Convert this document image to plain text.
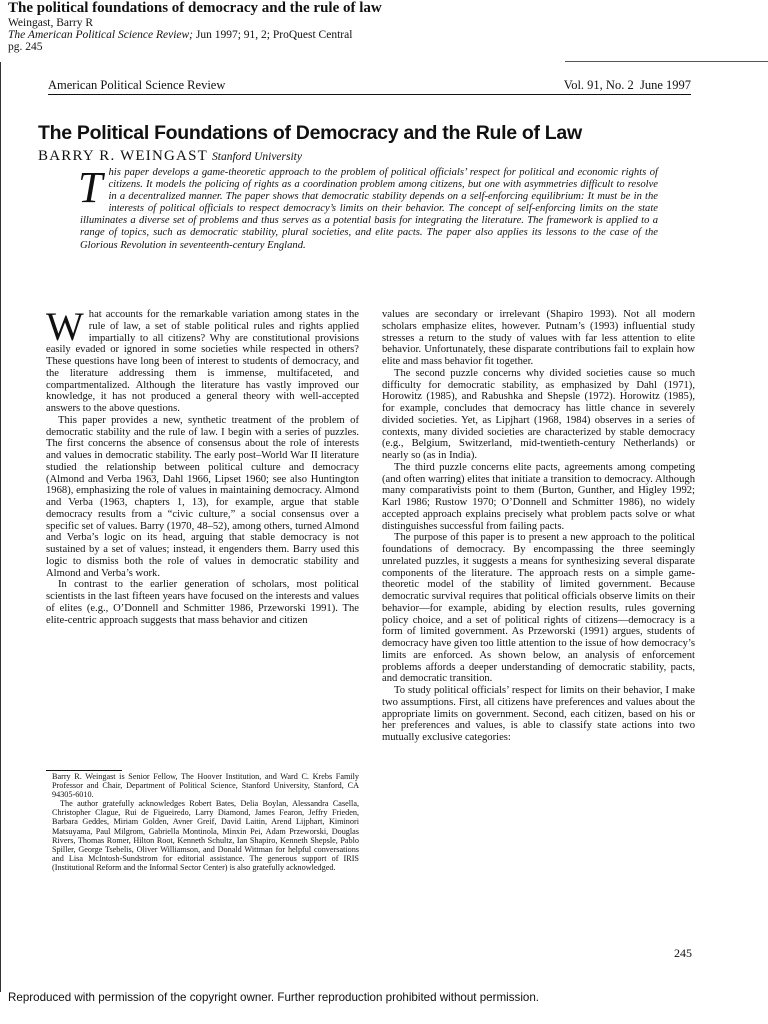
The political foundations of democracy and the rule of law
Weingast, Barry R
The American Political Science Review; Jun 1997; 91, 2; ProQuest Central
pg. 245
American Political Science Review	Vol. 91, No. 2 June 1997
The Political Foundations of Democracy and the Rule of Law
BARRY R. WEINGAST Stanford University
This paper develops a game-theoretic approach to the problem of political officials’ respect for political and economic rights of citizens. It models the policing of rights as a coordination problem among citizens, but one with asymmetries difficult to resolve in a decentralized manner. The paper shows that democratic stability depends on a self-enforcing equilibrium: It must be in the interests of political officials to respect democracy’s limits on their behavior. The concept of self-enforcing limits on the state illuminates a diverse set of problems and thus serves as a potential basis for integrating the literature. The framework is applied to a range of topics, such as democratic stability, plural societies, and elite pacts. The paper also applies its lessons to the case of the Glorious Revolution in seventeenth-century England.

What accounts for the remarkable variation among states in the rule of law, a set of stable political rules and rights applied impartially to all citizens? Why are constitutional provisions easily evaded or ignored in some societies while respected in others? These questions have long been of interest to students of democracy, and the literature addressing them is immense, multifaceted, and compartmentalized. Although the literature has vastly improved our knowledge, it has not produced a general theory with well-accepted answers to the above questions.

This paper provides a new, synthetic treatment of the problem of democratic stability and the rule of law. I begin with a series of puzzles. The first concerns the absence of consensus about the role of interests and values in democratic stability. The early post–World War II literature studied the relationship between political culture and democracy (Almond and Verba 1963, Dahl 1966, Lipset 1960; see also Huntington 1968), emphasizing the role of values in maintaining democracy. Almond and Verba (1963, chapters 1, 13), for example, argue that stable democracy results from a “civic culture,” a social consensus over a specific set of values. Barry (1970, 48–52), among others, turned Almond and Verba’s logic on its head, arguing that stable democracy is not sustained by a set of values; instead, it engenders them. Barry used this logic to dismiss both the role of values in democratic stability and Almond and Verba’s work.

In contrast to the earlier generation of scholars, most political scientists in the last fifteen years have focused on the interests and values of elites (e.g., O’Donnell and Schmitter 1986, Przeworski 1991). The elite-centric approach suggests that mass behavior and citizen

Barry R. Weingast is Senior Fellow, The Hoover Institution, and Ward C. Krebs Family Professor and Chair, Department of Political Science, Stanford University, Stanford, CA 94305-6010.

The author gratefully acknowledges Robert Bates, Delia Boylan, Alessandra Casella, Christopher Clague, Rui de Figueiredo, Larry Diamond, James Fearon, Jeffry Frieden, Barbara Geddes, Miriam Golden, Avner Greif, David Laitin, Arend Lijphart, Kiminori Matsuyama, Paul Milgrom, Gabriella Montinola, Minxin Pei, Adam Przeworski, Douglas Rivers, Thomas Romer, Hilton Root, Kenneth Schultz, Ian Shapiro, Kenneth Shepsle, Pablo Spiller, George Tsebelis, Oliver Williamson, and Donald Wittman for helpful conversations and Lisa McIntosh-Sundstrom for editorial assistance. The generous support of IRIS (Institutional Reform and the Informal Sector Center) is also gratefully acknowledged.

values are secondary or irrelevant (Shapiro 1993). Not all modern scholars emphasize elites, however. Putnam’s (1993) influential study stresses a return to the study of values with far less attention to elite behavior. Unfortunately, these disparate contributions fail to explain how elite and mass behavior fit together.

The second puzzle concerns why divided societies cause so much difficulty for democratic stability, as emphasized by Dahl (1971), Horowitz (1985), and Rabushka and Shepsle (1972). Horowitz (1985), for example, concludes that democracy has little chance in severely divided societies. Yet, as Lipjhart (1968, 1984) observes in a series of contexts, many divided societies are characterized by stable democracy (e.g., Belgium, Switzerland, mid-twentieth-century Netherlands) or nearly so (as in India).

The third puzzle concerns elite pacts, agreements among competing (and often warring) elites that initiate a transition to democracy. Although many comparativists point to them (Burton, Gunther, and Higley 1992; Karl 1986; Rustow 1970; O’Donnell and Schmitter 1986), no widely accepted approach explains precisely what problem pacts solve or what distinguishes successful from failing pacts.

The purpose of this paper is to present a new approach to the political foundations of democracy. By encompassing the three seemingly unrelated puzzles, it suggests a means for synthesizing several disparate components of the literature. The approach rests on a simple game-theoretic model of the stability of limited government. Because democratic survival requires that political officials observe limits on their behavior—for example, abiding by election results, rules governing policy choice, and a set of political rights of citizens—democracy is a form of limited government. As Przeworski (1991) argues, students of democracy have given too little attention to the issue of how democracy’s limits are enforced. As shown below, an analysis of enforcement problems affords a deeper understanding of democratic stability, pacts, and democratic transition.

To study political officials’ respect for limits on their behavior, I make two assumptions. First, all citizens have preferences and values about the appropriate limits on government. Second, each citizen, based on his or her preferences and values, is able to classify state actions into two mutually exclusive categories:

245
Reproduced with permission of the copyright owner. Further reproduction prohibited without permission.
